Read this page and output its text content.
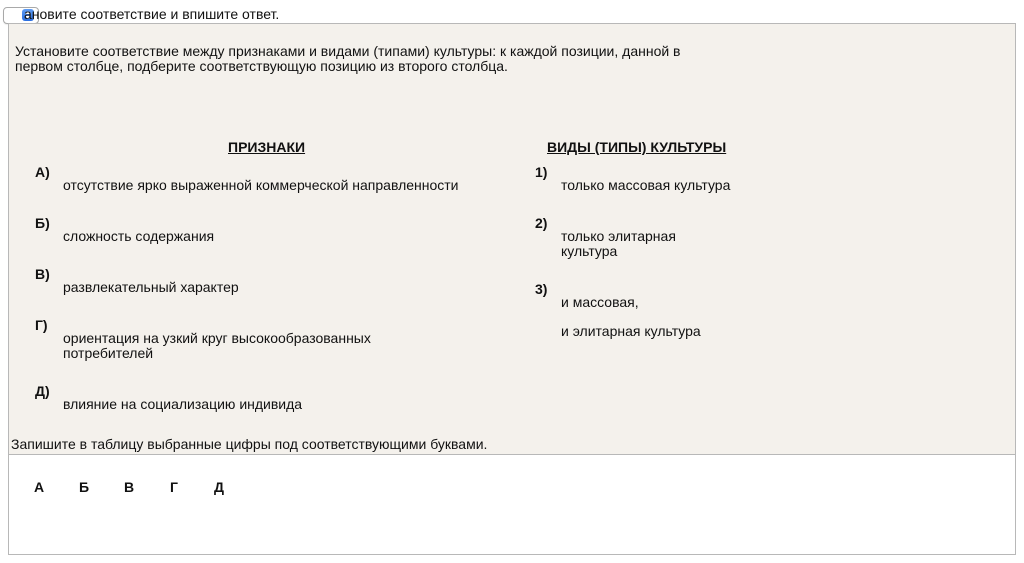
ановите соответствие и впишите ответ.
Установите соответствие между признаками и видами (типами) культуры: к каждой позиции, данной в первом столбце, подберите соответствующую позицию из второго столбца.
ПРИЗНАКИ	ВИДЫ (ТИПЫ) КУЛЬТУРЫ
А)
отсутствие ярко выраженной коммерческой направленности
Б)
сложность содержания
В)
развлекательный характер
Г)
ориентация на узкий круг высокообразованных потребителей
Д)
влияние на социализацию индивида
1)
только массовая культура
2)
только элитарная культура
3)
и массовая,
и элитарная культура
Запишите в таблицу выбранные цифры под соответствующими буквами.
А Б В	Г	Д
